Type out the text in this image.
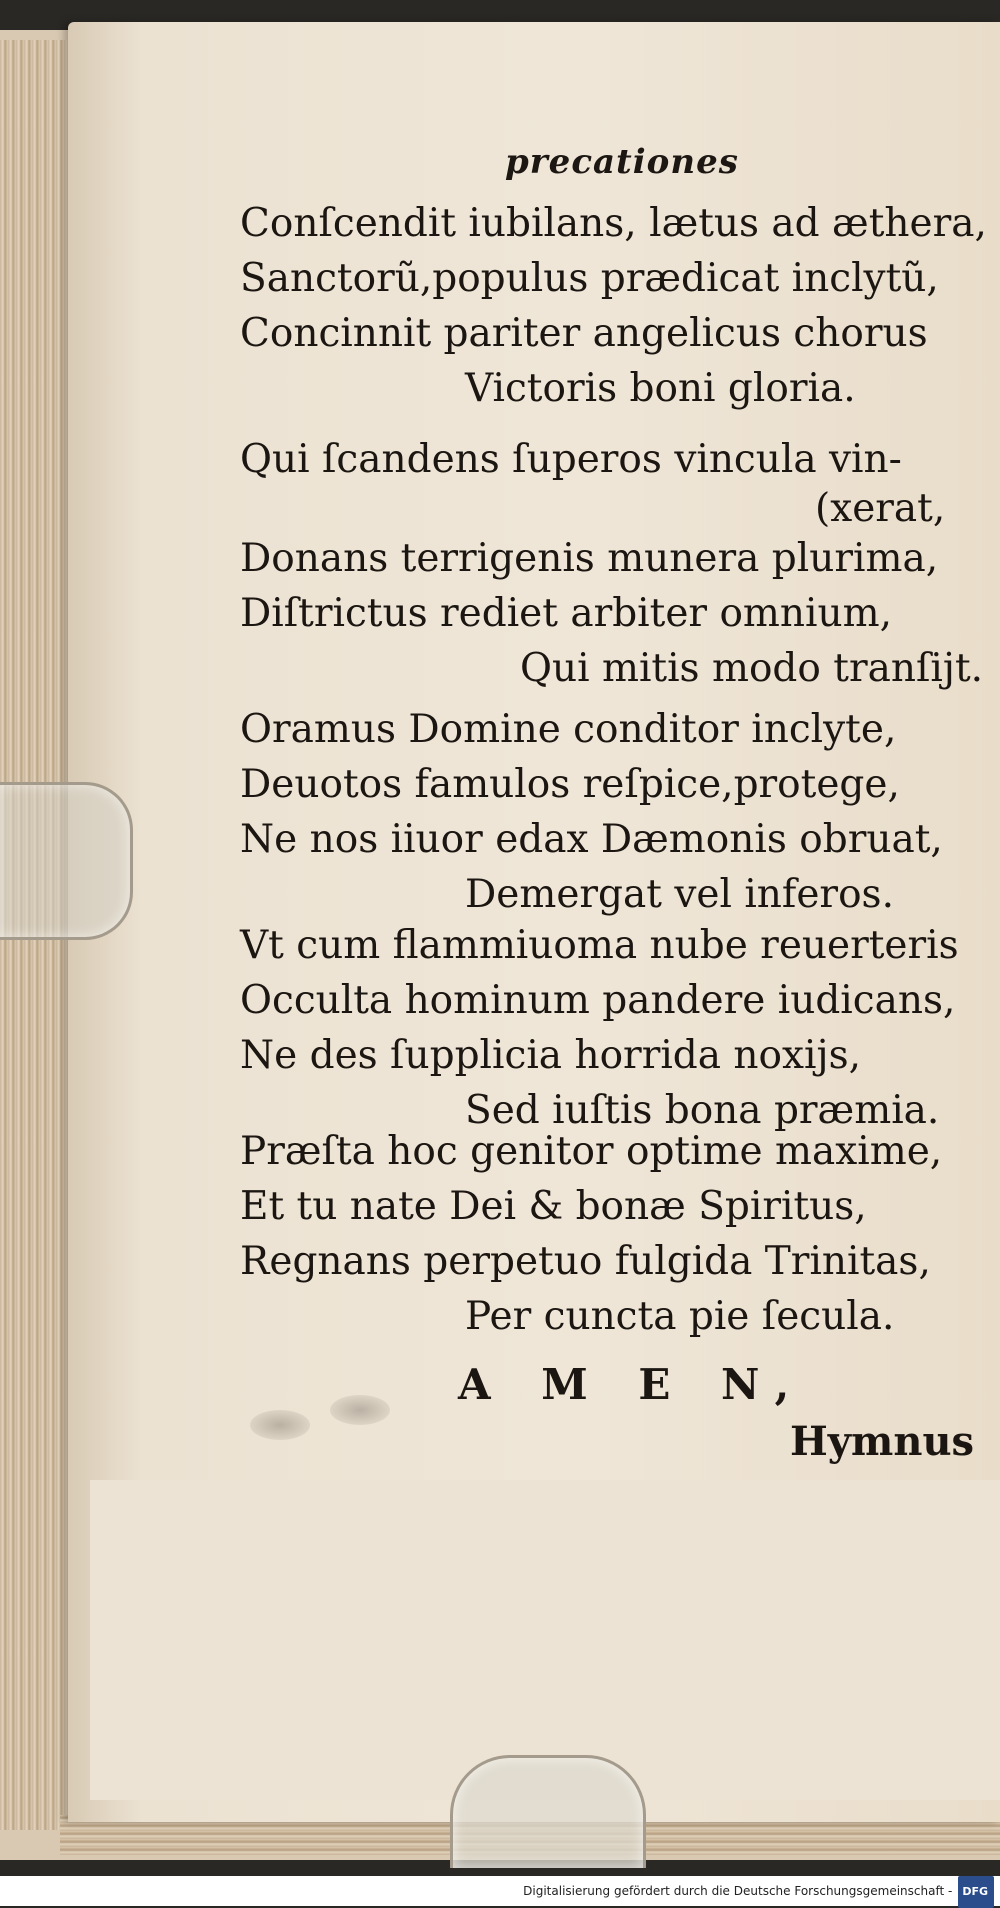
precationes
Conſcendit iubilans, lætus ad æthera,
Sanctorũ,populus prædicat inclytũ,
Concinnit pariter angelicus chorus
Victoris boni gloria.
Qui ſcandens ſuperos vincula vin-
(xerat,
Donans terrigenis munera plurima,
Diſtrictus rediet arbiter omnium,
Qui mitis modo tranſijt.
Oramus Domine conditor inclyte,
Deuotos famulos reſpice,protege,
Ne nos iiuor edax Dæmonis obruat,
Demergat vel inferos.
Vt cum flammiuoma nube reuerteris
Occulta hominum pandere iudicans,
Ne des ſupplicia horrida noxijs,
Sed iuſtis bona præmia.
Præſta hoc genitor optime maxime,
Et tu nate Dei & bonæ Spiritus,
Regnans perpetuo fulgida Trinitas,
Per cuncta pie ſecula.
A M E N,
Hymnus
Digitalisierung gefördert durch die Deutsche Forschungsgemeinschaft - DFG
